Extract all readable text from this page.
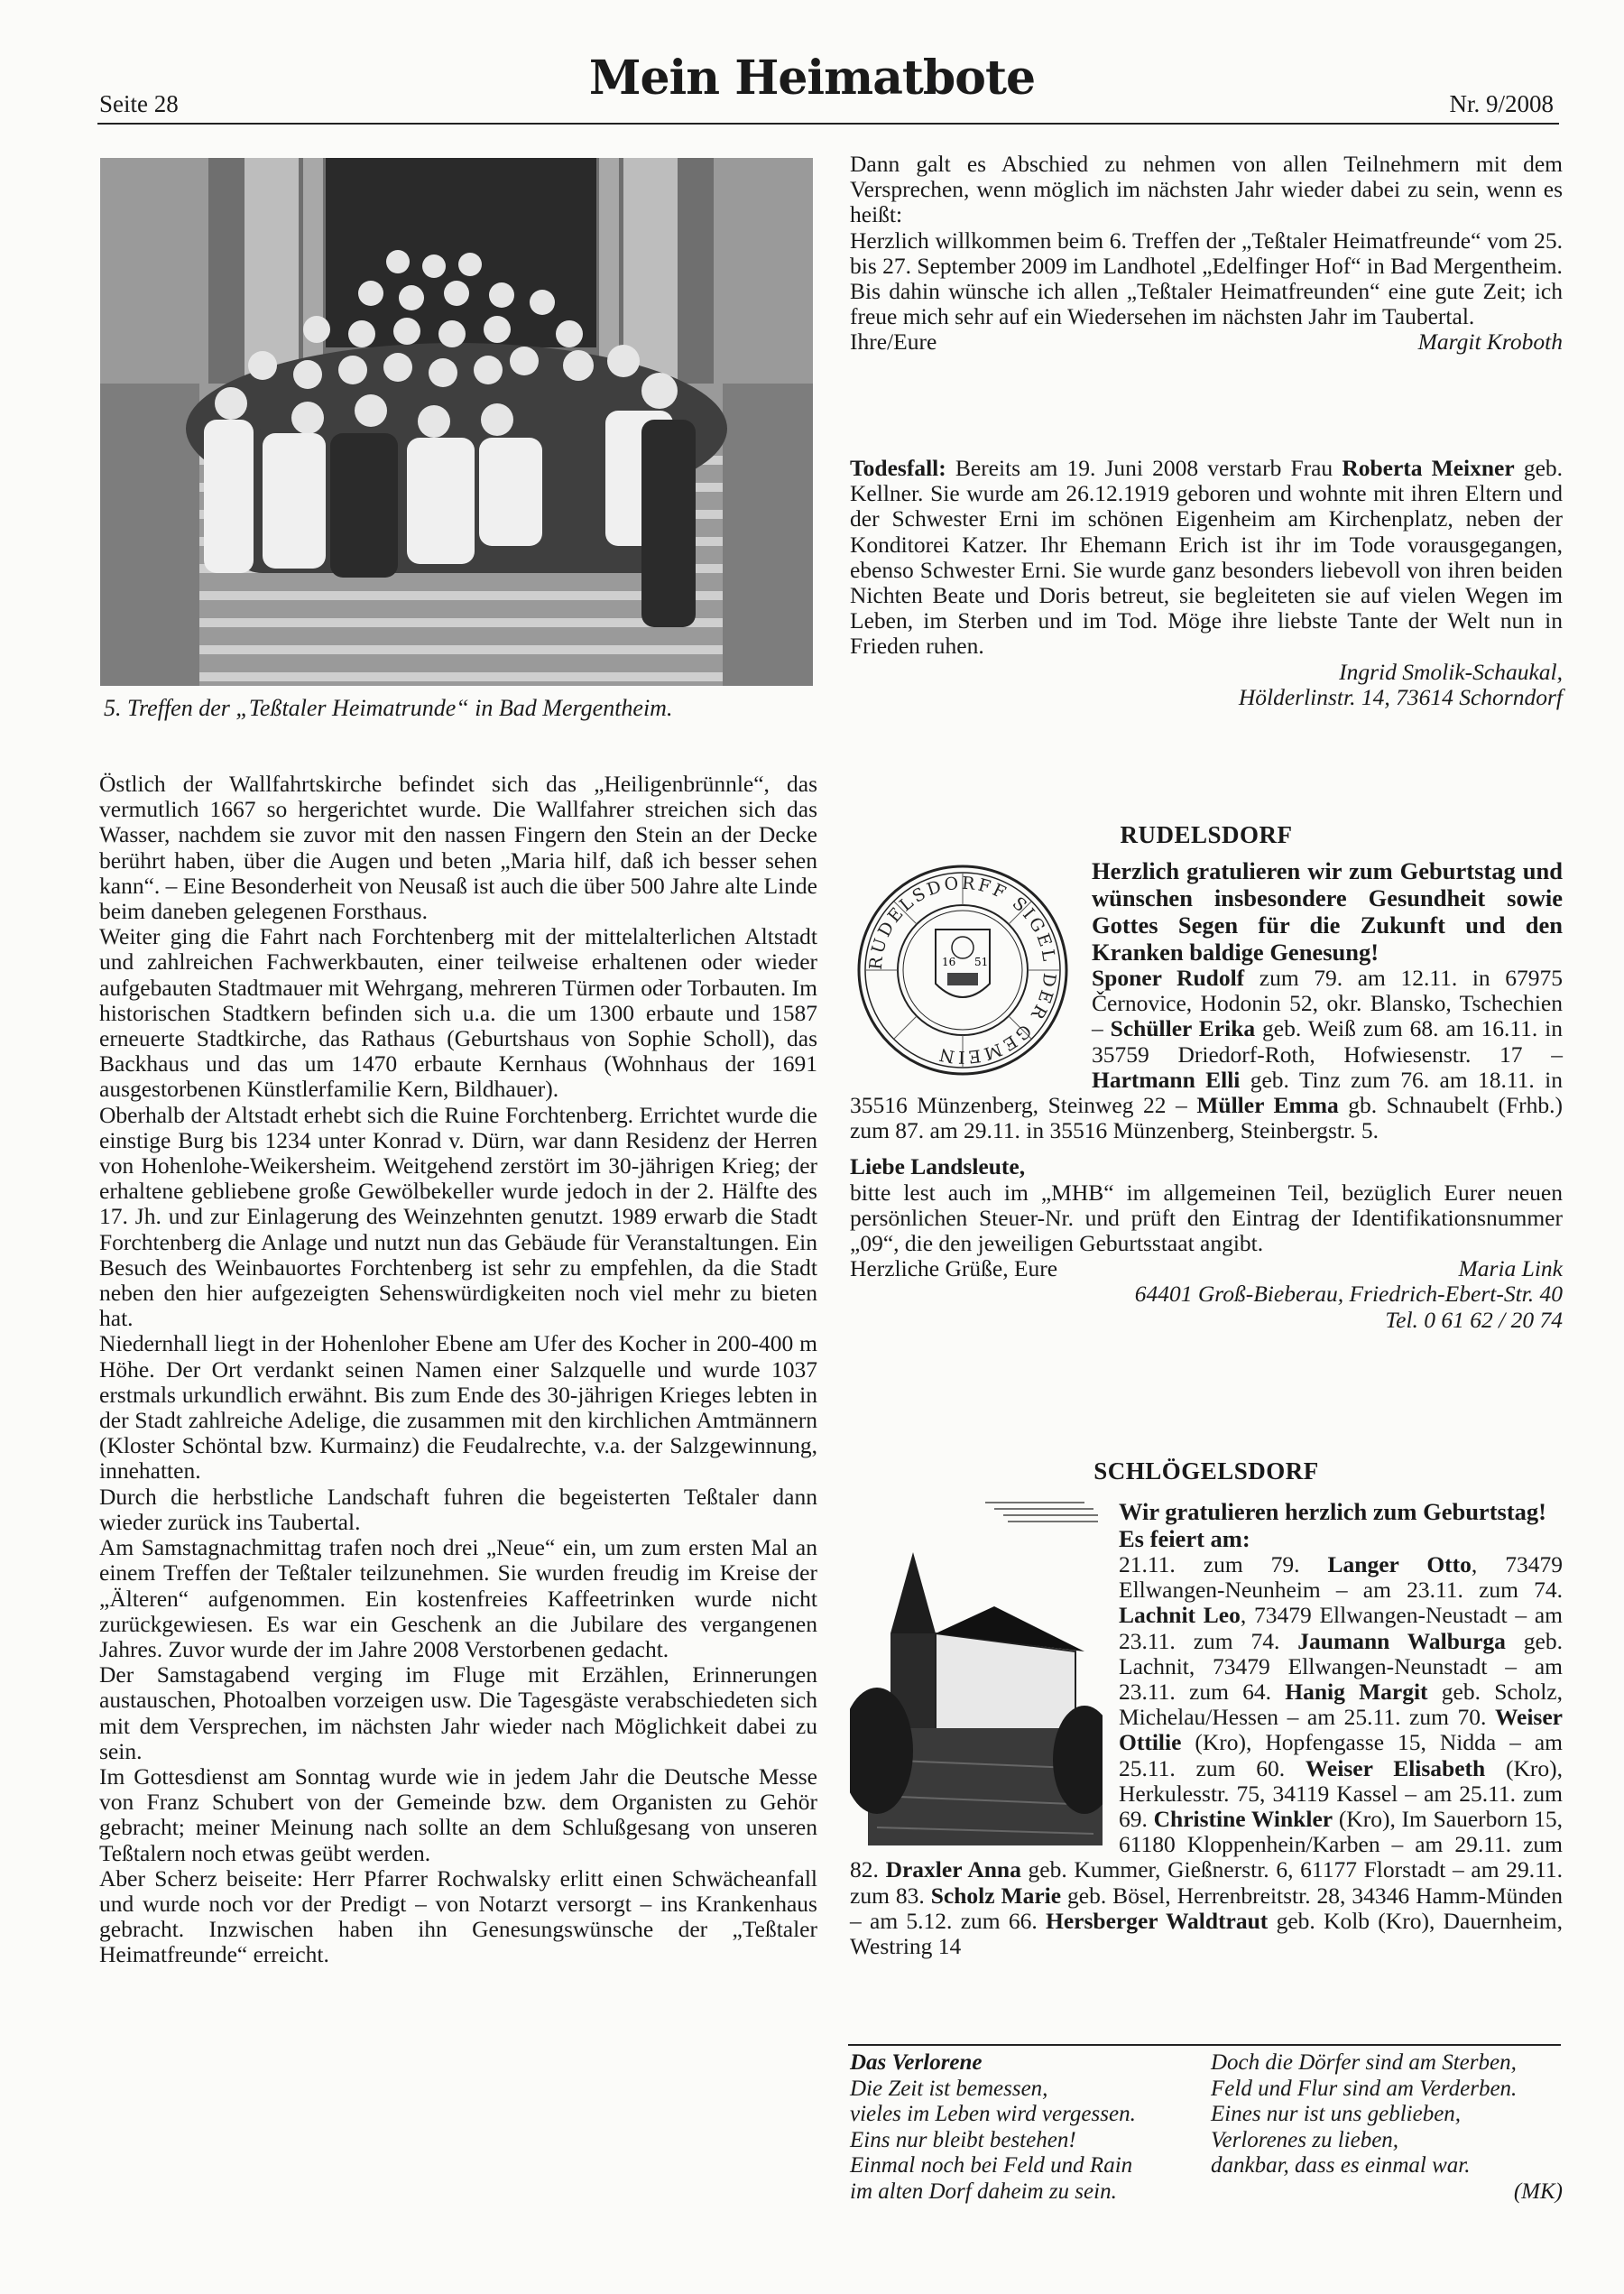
Seite 28	Mein Heimatbote	Nr. 9/2008
5. Treffen der „Teßtaler Heimatrunde“ in Bad Mergentheim.

Östlich der Wallfahrtskirche befindet sich das „Heiligenbrünnle“, das vermutlich 1667 so hergerichtet wurde. Die Wallfahrer streichen sich das Wasser, nachdem sie zuvor mit den nassen Fingern den Stein an der Decke berührt haben, über die Augen und beten „Maria hilf, daß ich besser sehen kann“. – Eine Besonderheit von Neusaß ist auch die über 500 Jahre alte Linde beim daneben gelegenen Forsthaus.

Weiter ging die Fahrt nach Forchtenberg mit der mittelalterlichen Altstadt und zahlreichen Fachwerkbauten, einer teilweise erhaltenen oder wieder aufgebauten Stadtmauer mit Wehrgang, mehreren Türmen oder Torbauten. Im historischen Stadtkern befinden sich u.a. die um 1300 erbaute und 1587 erneuerte Stadtkirche, das Rathaus (Geburtshaus von Sophie Scholl), das Backhaus und das um 1470 erbaute Kernhaus (Wohnhaus der 1691 ausgestorbenen Künstlerfamilie Kern, Bildhauer).

Oberhalb der Altstadt erhebt sich die Ruine Forchtenberg. Errichtet wurde die einstige Burg bis 1234 unter Konrad v. Dürn, war dann Residenz der Herren von Hohenlohe-Weikersheim. Weitgehend zerstört im 30-jährigen Krieg; der erhaltene gebliebene große Gewölbekeller wurde jedoch in der 2. Hälfte des 17. Jh. und zur Einlagerung des Weinzehnten genutzt. 1989 erwarb die Stadt Forchtenberg die Anlage und nutzt nun das Gebäude für Veranstaltungen. Ein Besuch des Weinbauortes Forchtenberg ist sehr zu empfehlen, da die Stadt neben den hier aufgezeigten Sehenswürdigkeiten noch viel mehr zu bieten hat.

Niedernhall liegt in der Hohenloher Ebene am Ufer des Kocher in 200-400 m Höhe. Der Ort verdankt seinen Namen einer Salzquelle und wurde 1037 erstmals urkundlich erwähnt. Bis zum Ende des 30-jährigen Krieges lebten in der Stadt zahlreiche Adelige, die zusammen mit den kirchlichen Amtmännern (Kloster Schöntal bzw. Kurmainz) die Feudalrechte, v.a. der Salzgewinnung, innehatten.

Durch die herbstliche Landschaft fuhren die begeisterten Teßtaler dann wieder zurück ins Taubertal.

Am Samstagnachmittag trafen noch drei „Neue“ ein, um zum ersten Mal an einem Treffen der Teßtaler teilzunehmen. Sie wurden freudig im Kreise der „Älteren“ aufgenommen. Ein kostenfreies Kaffeetrinken wurde nicht zurückgewiesen. Es war ein Geschenk an die Jubilare des vergangenen Jahres. Zuvor wurde der im Jahre 2008 Verstorbenen gedacht.

Der Samstagabend verging im Fluge mit Erzählen, Erinnerungen austauschen, Photoalben vorzeigen usw. Die Tagesgäste verabschiedeten sich mit dem Versprechen, im nächsten Jahr wieder nach Möglichkeit dabei zu sein.

Im Gottesdienst am Sonntag wurde wie in jedem Jahr die Deutsche Messe von Franz Schubert von der Gemeinde bzw. dem Organisten zu Gehör gebracht; meiner Meinung nach sollte an dem Schlußgesang von unseren Teßtalern noch etwas geübt werden.

Aber Scherz beiseite: Herr Pfarrer Rochwalsky erlitt einen Schwächeanfall und wurde noch vor der Predigt – von Notarzt versorgt – ins Krankenhaus gebracht. Inzwischen haben ihn Genesungswünsche der „Teßtaler Heimatfreunde“ erreicht.

Dann galt es Abschied zu nehmen von allen Teilnehmern mit dem Versprechen, wenn möglich im nächsten Jahr wieder dabei zu sein, wenn es heißt:

Herzlich willkommen beim 6. Treffen der „Teßtaler Heimatfreunde“ vom 25. bis 27. September 2009 im Landhotel „Edelfinger Hof“ in Bad Mergentheim.

Bis dahin wünsche ich allen „Teßtaler Heimatfreunden“ eine gute Zeit; ich freue mich sehr auf ein Wiedersehen im nächsten Jahr im Taubertal.

Ihre/Eure	Margit Kroboth

Todesfall: Bereits am 19. Juni 2008 verstarb Frau Roberta Meixner geb. Kellner. Sie wurde am 26.12.1919 geboren und wohnte mit ihren Eltern und der Schwester Erni im schönen Eigenheim am Kirchenplatz, neben der Konditorei Katzer. Ihr Ehemann Erich ist ihr im Tode vorausgegangen, ebenso Schwester Erni. Sie wurde ganz besonders liebevoll von ihren beiden Nichten Beate und Doris betreut, sie begleiteten sie auf vielen Wegen im Leben, im Sterben und im Tod. Möge ihre liebste Tante der Welt nun in Frieden ruhen.

Ingrid Smolik-Schaukal,
Hölderlinstr. 14, 73614 Schorndorf
RUDELSDORF
RUDELSDORFF SIGEL DER GEMEIN
16 51

Herzlich gratulieren wir zum Geburtstag und wünschen insbesondere Gesundheit sowie Gottes Segen für die Zukunft und den Kranken baldige Genesung!

Sponer Rudolf zum 79. am 12.11. in 67975 Černovice, Hodonin 52, okr. Blansko, Tschechien – Schüller Erika geb. Weiß zum 68. am 16.11. in 35759 Driedorf-Roth, Hofwiesenstr. 17 – Hartmann Elli geb. Tinz zum 76. am 18.11. in 35516 Münzenberg, Steinweg 22 – Müller Emma gb. Schnaubelt (Frhb.) zum 87. am 29.11. in 35516 Münzenberg, Steinbergstr. 5.

Liebe Landsleute,

bitte lest auch im „MHB“ im allgemeinen Teil, bezüglich Eurer neuen persönlichen Steuer-Nr. und prüft den Eintrag der Identifikationsnummer „09“, die den jeweiligen Geburtsstaat angibt.

Herzliche Grüße, Eure	Maria Link
64401 Groß-Bieberau, Friedrich-Ebert-Str. 40
Tel. 0 61 62 / 20 74
SCHLÖGELSDORF

Wir gratulieren herzlich zum Geburtstag!

Es feiert am:

21.11. zum 79. Langer Otto, 73479 Ellwangen-Neunheim – am 23.11. zum 74. Lachnit Leo, 73479 Ellwangen-Neustadt – am 23.11. zum 74. Jaumann Walburga geb. Lachnit, 73479 Ellwangen-Neunstadt – am 23.11. zum 64. Hanig Margit geb. Scholz, Michelau/Hessen – am 25.11. zum 70. Weiser Ottilie (Kro), Hopfengasse 15, Nidda – am 25.11. zum 60. Weiser Elisabeth (Kro), Herkulesstr. 75, 34119 Kassel – am 25.11. zum 69. Christine Winkler (Kro), Im Sauerborn 15, 61180 Kloppenhein/Karben – am 29.11. zum 82. Draxler Anna geb. Kummer, Gießnerstr. 6, 61177 Florstadt – am 29.11. zum 83. Scholz Marie geb. Bösel, Herrenbreitstr. 28, 34346 Hamm-Münden – am 5.12. zum 66. Hersberger Waldtraut geb. Kolb (Kro), Dauernheim, Westring 14

Das Verlorene
Die Zeit ist bemessen,
vieles im Leben wird vergessen.
Eins nur bleibt bestehen!
Einmal noch bei Feld und Rain
im alten Dorf daheim zu sein.
Doch die Dörfer sind am Sterben,
Feld und Flur sind am Verderben.
Eines nur ist uns geblieben,
Verlorenes zu lieben,
dankbar, dass es einmal war.
(MK)
